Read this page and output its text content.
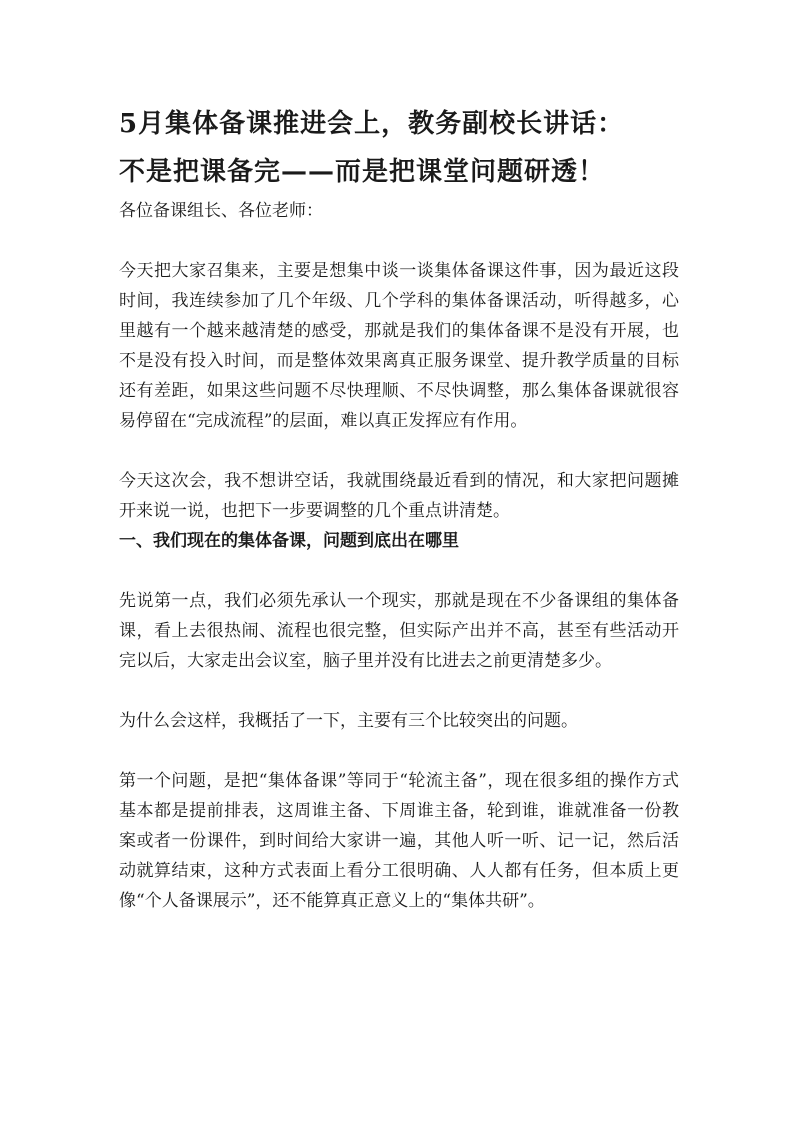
5月集体备课推进会上，教务副校长讲话：
不是把课备完——而是把课堂问题研透！

各位备课组长、各位老师：

今天把大家召集来，主要是想集中谈一谈集体备课这件事，因为最近这段时间，我连续参加了几个年级、几个学科的集体备课活动，听得越多，心里越有一个越来越清楚的感受，那就是我们的集体备课不是没有开展，也不是没有投入时间，而是整体效果离真正服务课堂、提升教学质量的目标还有差距，如果这些问题不尽快理顺、不尽快调整，那么集体备课就很容易停留在“完成流程”的层面，难以真正发挥应有作用。

今天这次会，我不想讲空话，我就围绕最近看到的情况，和大家把问题摊开来说一说，也把下一步要调整的几个重点讲清楚。

一、我们现在的集体备课，问题到底出在哪里

先说第一点，我们必须先承认一个现实，那就是现在不少备课组的集体备课，看上去很热闹、流程也很完整，但实际产出并不高，甚至有些活动开完以后，大家走出会议室，脑子里并没有比进去之前更清楚多少。

为什么会这样，我概括了一下，主要有三个比较突出的问题。

第一个问题，是把“集体备课”等同于“轮流主备”，现在很多组的操作方式基本都是提前排表，这周谁主备、下周谁主备，轮到谁，谁就准备一份教案或者一份课件，到时间给大家讲一遍，其他人听一听、记一记，然后活动就算结束，这种方式表面上看分工很明确、人人都有任务，但本质上更像“个人备课展示”，还不能算真正意义上的“集体共研”。
